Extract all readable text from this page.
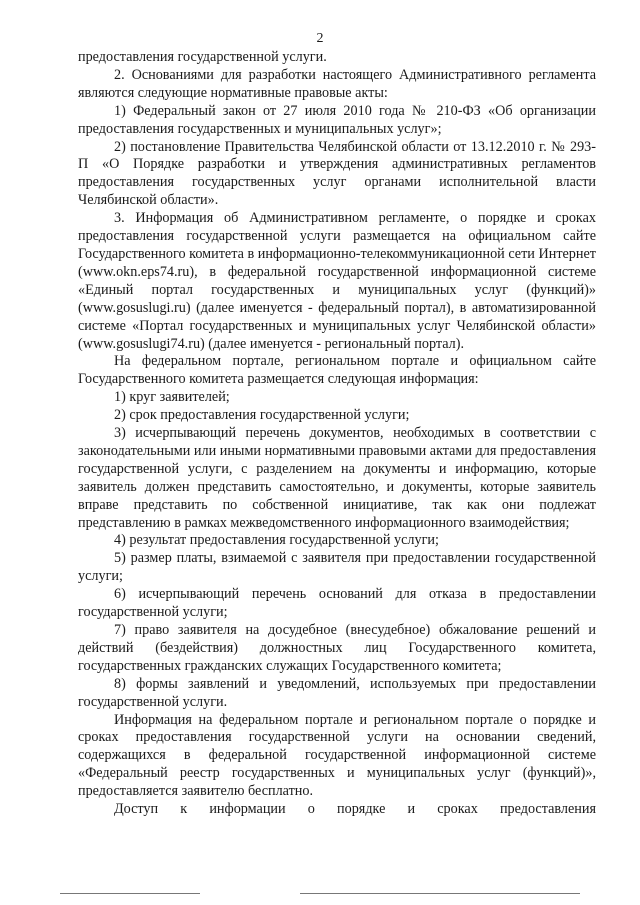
2

предоставления государственной услуги.

2. Основаниями для разработки настоящего Административного регламента являются следующие нормативные правовые акты:

1) Федеральный закон от 27 июля 2010 года № 210-ФЗ «Об организации предоставления государственных и муниципальных услуг»;

2) постановление Правительства Челябинской области от 13.12.2010 г. № 293-П «О Порядке разработки и утверждения административных регламентов предоставления государственных услуг органами исполнительной власти Челябинской области».

3. Информация об Административном регламенте, о порядке и сроках предоставления государственной услуги размещается на официальном сайте Государственного комитета в информационно-телекоммуникационной сети Интернет (www.okn.eps74.ru), в федеральной государственной информационной системе «Единый портал государственных и муниципальных услуг (функций)» (www.gosuslugi.ru) (далее именуется - федеральный портал), в автоматизированной системе «Портал государственных и муниципальных услуг Челябинской области» (www.gosuslugi74.ru) (далее именуется - региональный портал).

На федеральном портале, региональном портале и официальном сайте Государственного комитета размещается следующая информация:

1) круг заявителей;

2) срок предоставления государственной услуги;

3) исчерпывающий перечень документов, необходимых в соответствии с законодательными или иными нормативными правовыми актами для предоставления государственной услуги, с разделением на документы и информацию, которые заявитель должен представить самостоятельно, и документы, которые заявитель вправе представить по собственной инициативе, так как они подлежат представлению в рамках межведомственного информационного взаимодействия;

4) результат предоставления государственной услуги;

5) размер платы, взимаемой с заявителя при предоставлении государственной услуги;

6) исчерпывающий перечень оснований для отказа в предоставлении государственной услуги;

7) право заявителя на досудебное (внесудебное) обжалование решений и действий (бездействия) должностных лиц Государственного комитета, государственных гражданских служащих Государственного комитета;

8) формы заявлений и уведомлений, используемых при предоставлении государственной услуги.

Информация на федеральном портале и региональном портале о порядке и сроках предоставления государственной услуги на основании сведений, содержащихся в федеральной государственной информационной системе «Федеральный реестр государственных и муниципальных услуг (функций)», предоставляется заявителю бесплатно.

Доступ к информации о порядке и сроках предоставления
